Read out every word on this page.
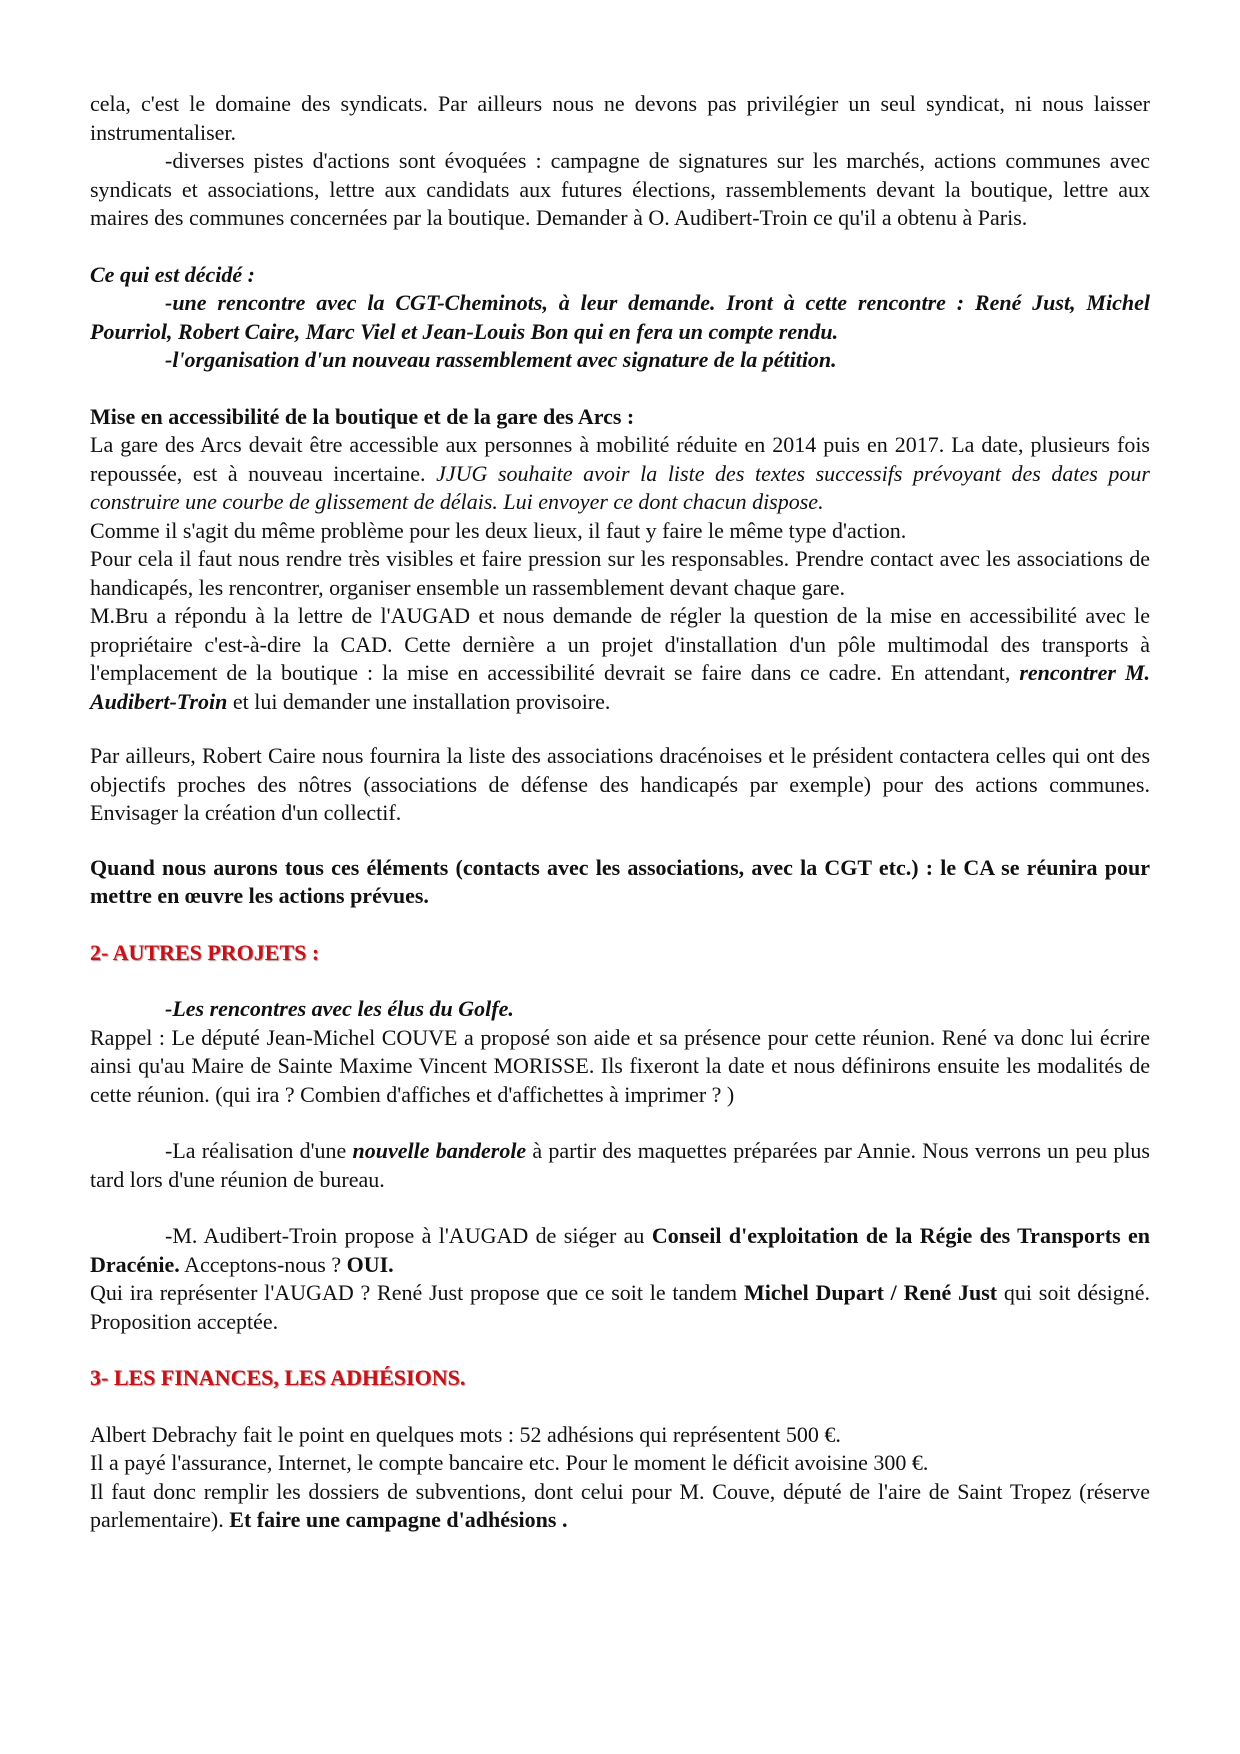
cela, c'est le domaine des syndicats. Par ailleurs nous ne devons pas privilégier un seul syndicat, ni nous laisser instrumentaliser.

-diverses pistes d'actions sont évoquées : campagne de signatures sur les marchés, actions communes avec syndicats et associations, lettre aux candidats aux futures élections, rassemblements devant la boutique, lettre aux maires des communes concernées par la boutique. Demander à O. Audibert-Troin ce qu'il a obtenu à Paris.

Ce qui est décidé :

-une rencontre avec la CGT-Cheminots, à leur demande. Iront à cette rencontre : René Just, Michel Pourriol, Robert Caire, Marc Viel et Jean-Louis Bon qui en fera un compte rendu.

-l'organisation d'un nouveau rassemblement avec signature de la pétition.

Mise en accessibilité de la boutique et de la gare des Arcs :

La gare des Arcs devait être accessible aux personnes à mobilité réduite en 2014 puis en 2017. La date, plusieurs fois repoussée, est à nouveau incertaine. JJUG souhaite avoir la liste des textes successifs prévoyant des dates pour construire une courbe de glissement de délais. Lui envoyer ce dont chacun dispose.

Comme il s'agit du même problème pour les deux lieux, il faut y faire le même type d'action.

Pour cela il faut nous rendre très visibles et faire pression sur les responsables. Prendre contact avec les associations de handicapés, les rencontrer, organiser ensemble un rassemblement devant chaque gare.

M.Bru a répondu à la lettre de l'AUGAD et nous demande de régler la question de la mise en accessibilité avec le propriétaire c'est-à-dire la CAD. Cette dernière a un projet d'installation d'un pôle multimodal des transports à l'emplacement de la boutique : la mise en accessibilité devrait se faire dans ce cadre. En attendant, rencontrer M. Audibert-Troin et lui demander une installation provisoire.

Par ailleurs, Robert Caire nous fournira la liste des associations dracénoises et le président contactera celles qui ont des objectifs proches des nôtres (associations de défense des handicapés par exemple) pour des actions communes. Envisager la création d'un collectif.

Quand nous aurons tous ces éléments (contacts avec les associations, avec la CGT etc.) : le CA se réunira pour mettre en œuvre les actions prévues.

2- AUTRES PROJETS :

-Les rencontres avec les élus du Golfe.

Rappel : Le député Jean-Michel COUVE a proposé son aide et sa présence pour cette réunion. René va donc lui écrire ainsi qu'au Maire de Sainte Maxime Vincent MORISSE. Ils fixeront la date et nous définirons ensuite les modalités de cette réunion. (qui ira ? Combien d'affiches et d'affichettes à imprimer ? )

-La réalisation d'une nouvelle banderole à partir des maquettes préparées par Annie. Nous verrons un peu plus tard lors d'une réunion de bureau.

-M. Audibert-Troin propose à l'AUGAD de siéger au Conseil d'exploitation de la Régie des Transports en Dracénie. Acceptons-nous ? OUI.

Qui ira représenter l'AUGAD ? René Just propose que ce soit le tandem Michel Dupart / René Just qui soit désigné. Proposition acceptée.

3- LES FINANCES, LES ADHÉSIONS.

Albert Debrachy fait le point en quelques mots : 52 adhésions qui représentent 500 €.

Il a payé l'assurance, Internet, le compte bancaire etc. Pour le moment le déficit avoisine 300 €.

Il faut donc remplir les dossiers de subventions, dont celui pour M. Couve, député de l'aire de Saint Tropez (réserve parlementaire). Et faire une campagne d'adhésions .
